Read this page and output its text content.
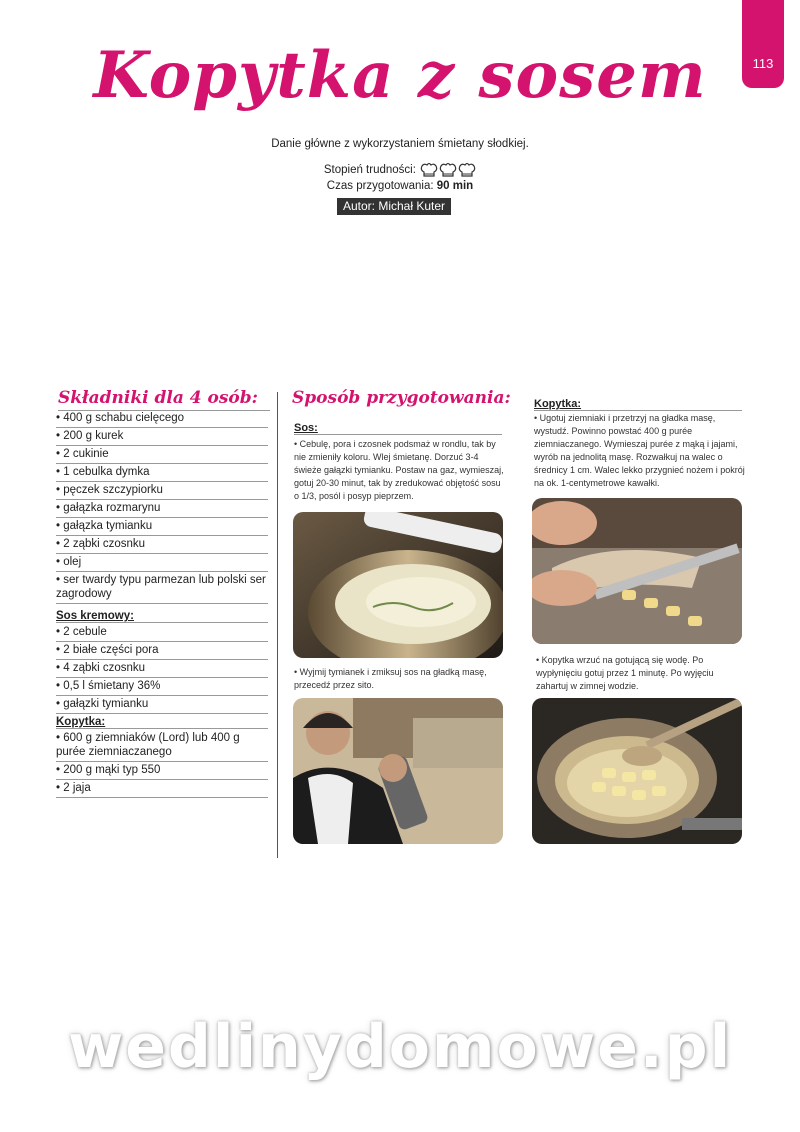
113
Kopytka z sosem
Danie główne z wykorzystaniem śmietany słodkiej.
Stopień trudności:
Czas przygotowania: 90 min
Autor: Michał Kuter
Składniki dla 4 osób:
• 400 g schabu cielęcego
• 200 g kurek
• 2 cukinie
• 1 cebulka dymka
• pęczek szczypiorku
• gałązka rozmarynu
• gałązka tymianku
• 2 ząbki czosnku
• olej
• ser twardy typu parmezan lub polski ser zagrodowy
Sos kremowy:
• 2 cebule
• 2 białe części pora
• 4 ząbki czosnku
• 0,5 l śmietany 36%
• gałązki tymianku
Kopytka:
• 600 g ziemniaków (Lord) lub 400 g purée ziemniaczanego
• 200 g mąki typ 550
• 2 jaja
Sposób przygotowania:
Sos:
• Cebulę, pora i czosnek podsmaż w rondlu, tak by nie zmieniły koloru. Wlej śmietanę. Dorzuć 3-4 świeże gałązki tymianku. Postaw na gaz, wymieszaj, gotuj 20-30 minut, tak by zredukować objętość sosu o 1/3, posól i posyp pieprzem.
• Wyjmij tymianek i zmiksuj sos na gładką masę, przecedź przez sito.
Kopytka:
• Ugotuj ziemniaki i przetrzyj na gładka masę, wystudź. Powinno powstać 400 g purée ziemniaczanego. Wymieszaj purée z mąką i jajami, wyrób na jednolitą masę. Rozwałkuj na walec o średnicy 1 cm. Walec lekko przygnieć nożem i pokrój na ok. 1-centymetrowe kawałki.
• Kopytka wrzuć na gotującą się wodę. Po wypłynięciu gotuj przez 1 minutę. Po wyjęciu zahartuj w zimnej wodzie.
wedlinydomowe.pl
